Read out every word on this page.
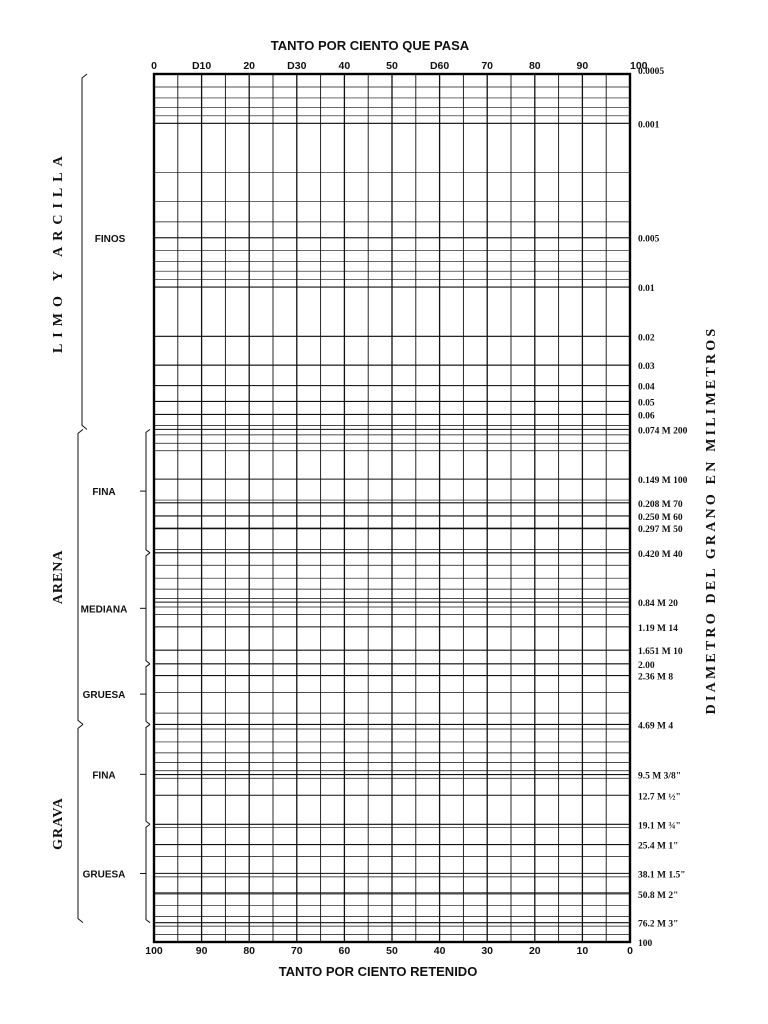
0	D10	20	D30	40	50	D60	70	80	90	100
100	90	80	70	60	50	40	30	20	10	0
0.0005
0.001
0.005
0.01
0.02
0.03
0.04
0.05
0.06
0.074 M 200
0.149 M 100
0.208 M 70
0.250 M 60
0.297 M 50
0.420 M 40
0.84 M 20
1.19 M 14
1.651 M 10
2.00
2.36 M 8
4.69 M 4
9.5 M 3/8"
12.7 M ½"
19.1 M ¾"
25.4 M 1"
38.1 M 1.5"
50.8 M 2"
76.2 M 3"
100
LIMO Y ARCILLA	FINOS
ARENA
FINA
MEDIANA
GRUESA
GRAVA
FINA
GRUESA
TANTO POR CIENTO QUE PASA
TANTO POR CIENTO RETENIDO
DIAMETRO DEL GRANO EN MILIMETROS
